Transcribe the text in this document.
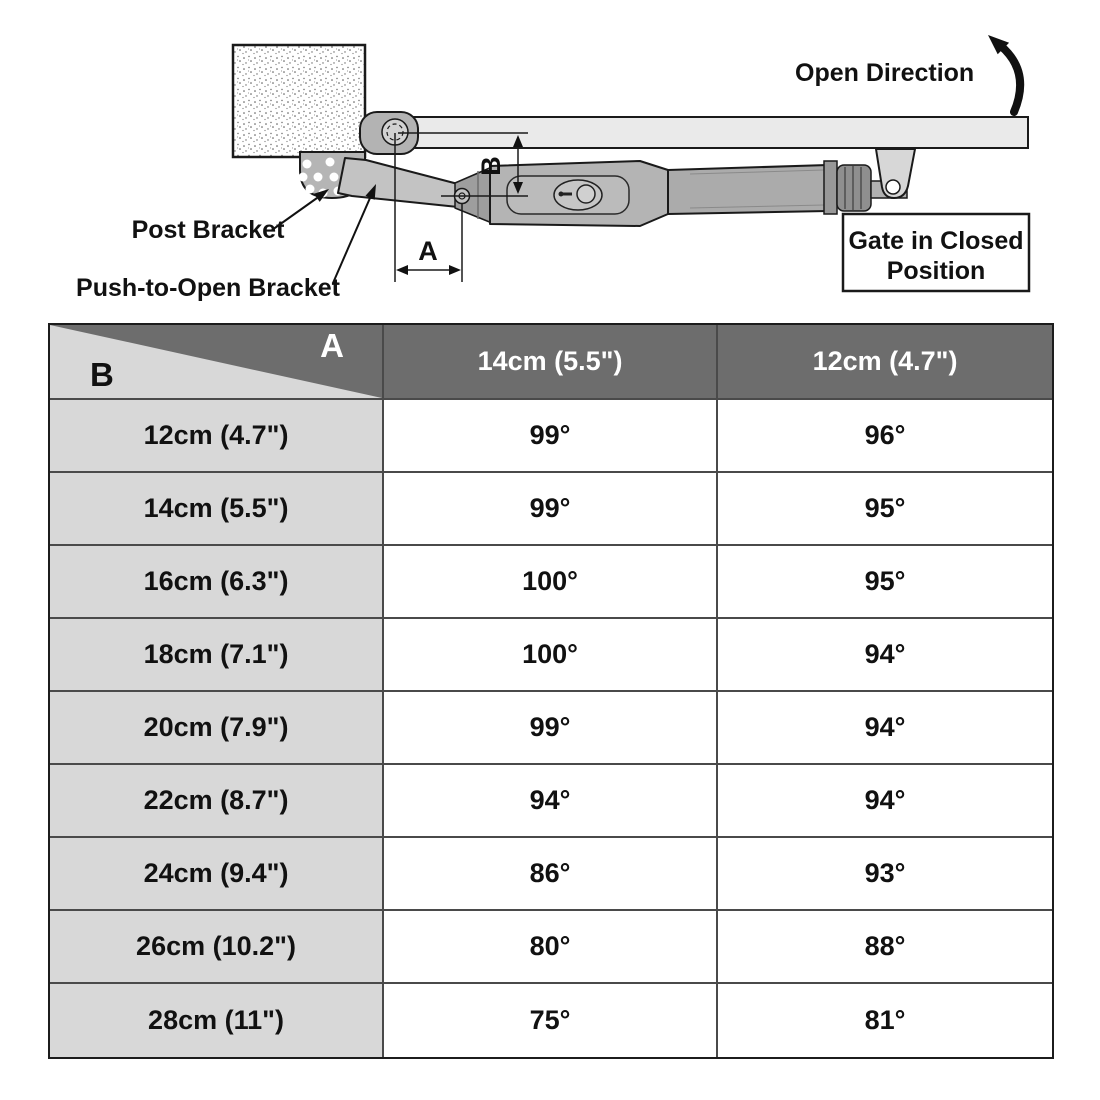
A
B
Post Bracket
Push-to-Open Bracket
Open Direction
Gate in Closed
Position
A
B	14cm (5.5")	12cm (4.7")
12cm (4.7")	99°	96°
14cm (5.5")	99°	95°
16cm (6.3")	100°	95°
18cm (7.1")	100°	94°
20cm (7.9")	99°	94°
22cm (8.7")	94°	94°
24cm (9.4")	86°	93°
26cm (10.2")	80°	88°
28cm (11")	75°	81°
